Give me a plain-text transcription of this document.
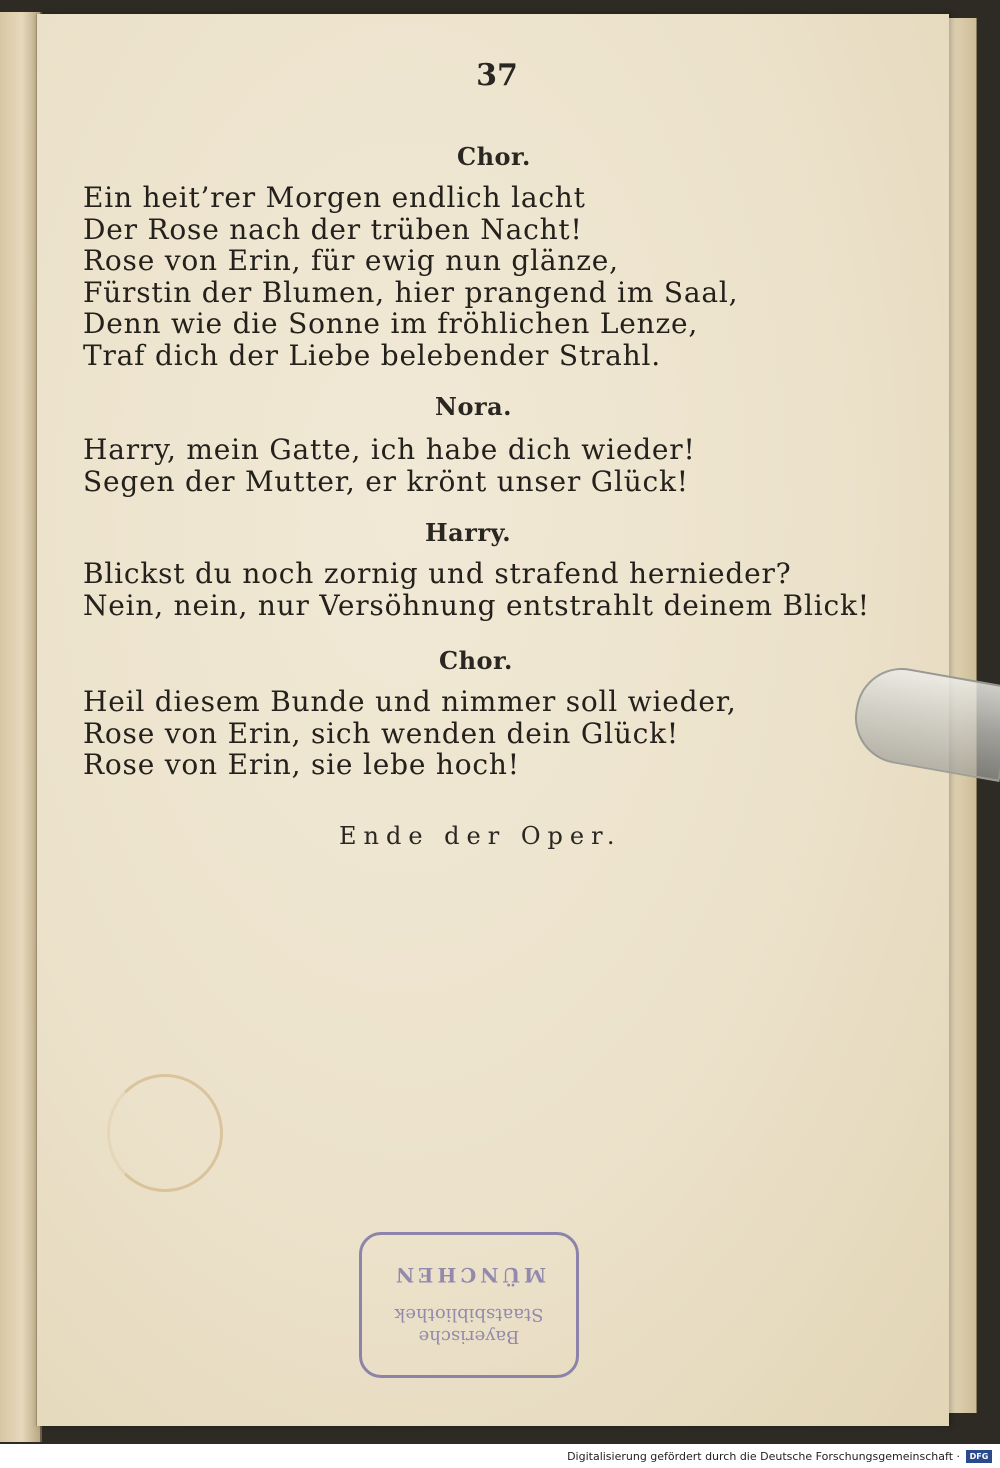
37
Chor.
Ein heit’rer Morgen endlich lacht
Der Rose nach der trüben Nacht!
Rose von Erin, für ewig nun glänze,
Fürstin der Blumen, hier prangend im Saal,
Denn wie die Sonne im fröhlichen Lenze,
Traf dich der Liebe belebender Strahl.
Nora.
Harry, mein Gatte, ich habe dich wieder!
Segen der Mutter, er krönt unser Glück!
Harry.
Blickst du noch zornig und strafend hernieder?
Nein, nein, nur Versöhnung entstrahlt deinem Blick!
Chor.
Heil diesem Bunde und nimmer soll wieder,
Rose von Erin, sich wenden dein Glück!
Rose von Erin, sie lebe hoch!
Ende der Oper.
Bayerische
Staatsbibliothek
MÜNCHEN
Digitalisierung gefördert durch die Deutsche Forschungsgemeinschaft ·	DFG
